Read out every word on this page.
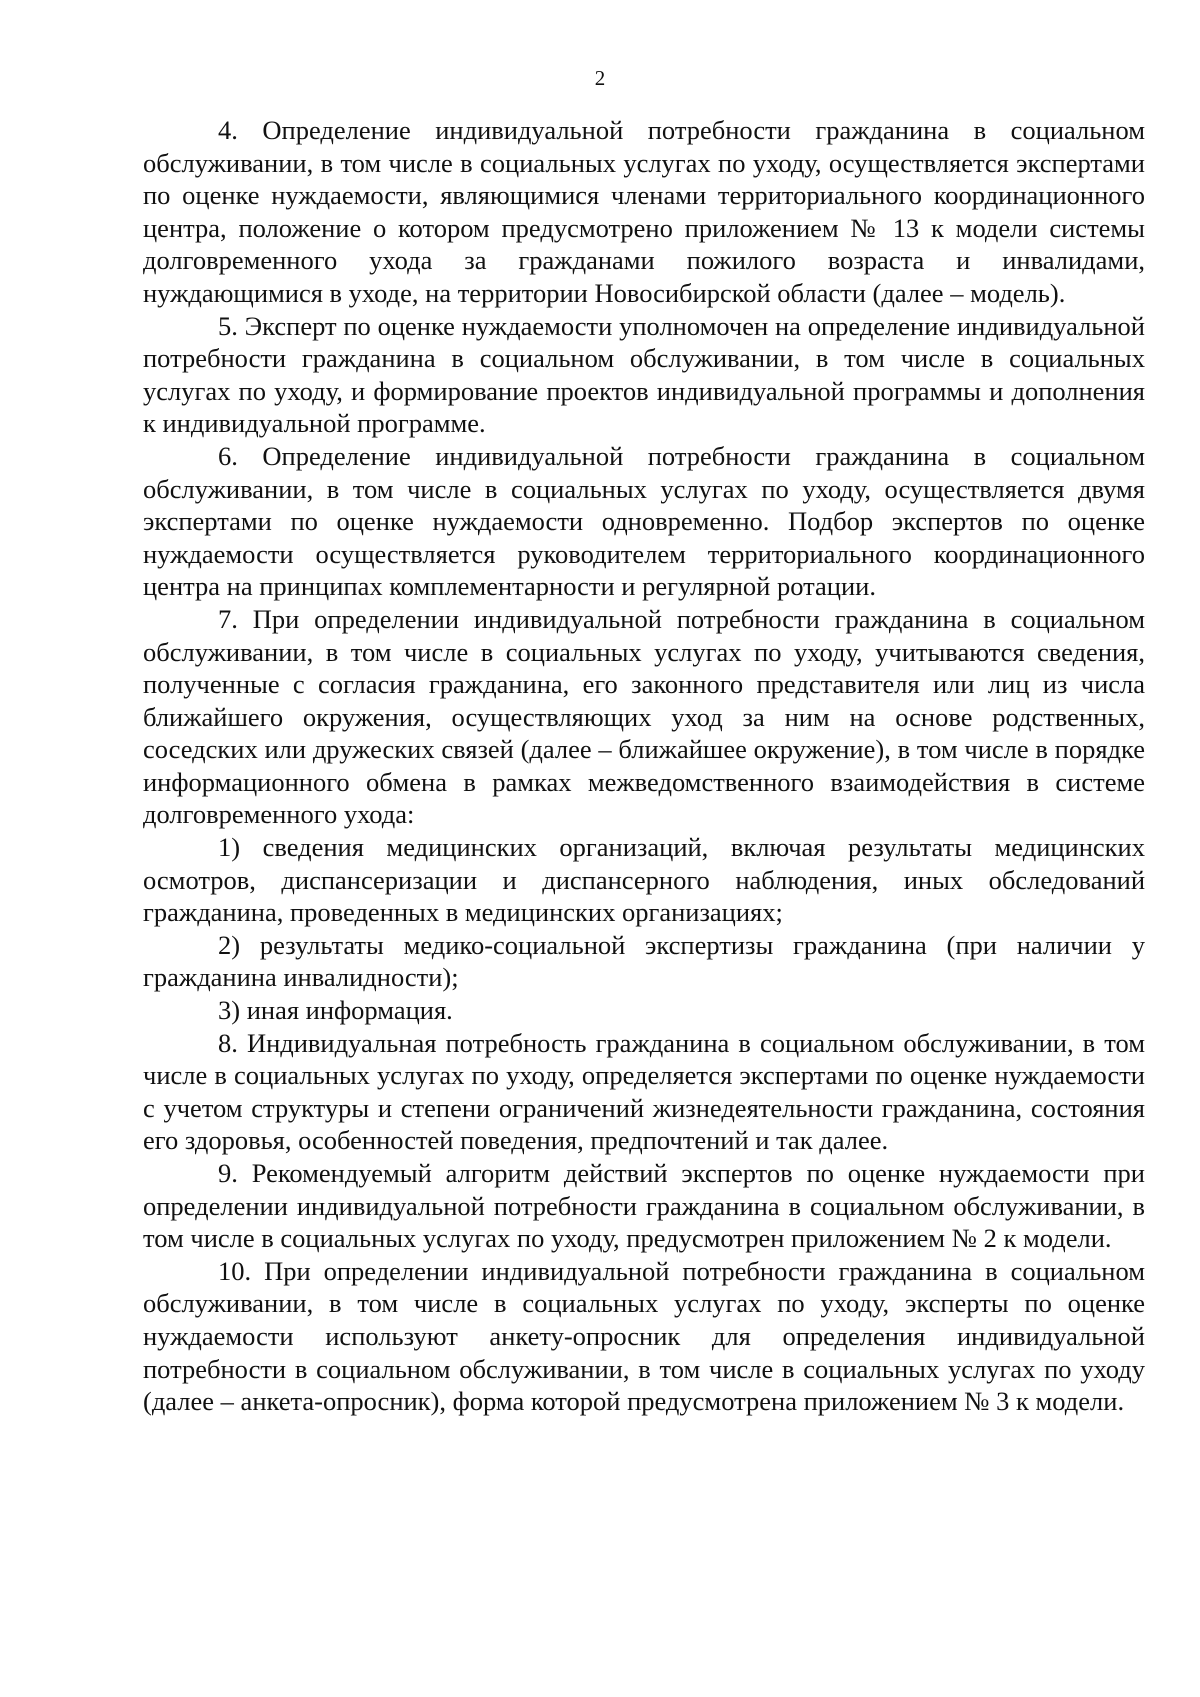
2

4. Определение индивидуальной потребности гражданина в социальном обслуживании, в том числе в социальных услугах по уходу, осуществляется экспертами по оценке нуждаемости, являющимися членами территориального координационного центра, положение о котором предусмотрено приложением № 13 к модели системы долговременного ухода за гражданами пожилого возраста и инвалидами, нуждающимися в уходе, на территории Новосибирской области (далее – модель).

5. Эксперт по оценке нуждаемости уполномочен на определение индивидуальной потребности гражданина в социальном обслуживании, в том числе в социальных услугах по уходу, и формирование проектов индивидуальной программы и дополнения к индивидуальной программе.

6. Определение индивидуальной потребности гражданина в социальном обслуживании, в том числе в социальных услугах по уходу, осуществляется двумя экспертами по оценке нуждаемости одновременно. Подбор экспертов по оценке нуждаемости осуществляется руководителем территориального координационного центра на принципах комплементарности и регулярной ротации.

7. При определении индивидуальной потребности гражданина в социальном обслуживании, в том числе в социальных услугах по уходу, учитываются сведения, полученные с согласия гражданина, его законного представителя или лиц из числа ближайшего окружения, осуществляющих уход за ним на основе родственных, соседских или дружеских связей (далее – ближайшее окружение), в том числе в порядке информационного обмена в рамках межведомственного взаимодействия в системе долговременного ухода:

1) сведения медицинских организаций, включая результаты медицинских осмотров, диспансеризации и диспансерного наблюдения, иных обследований гражданина, проведенных в медицинских организациях;

2) результаты медико-социальной экспертизы гражданина (при наличии у гражданина инвалидности);

3) иная информация.

8. Индивидуальная потребность гражданина в социальном обслуживании, в том числе в социальных услугах по уходу, определяется экспертами по оценке нуждаемости с учетом структуры и степени ограничений жизнедеятельности гражданина, состояния его здоровья, особенностей поведения, предпочтений и так далее.

9. Рекомендуемый алгоритм действий экспертов по оценке нуждаемости при определении индивидуальной потребности гражданина в социальном обслуживании, в том числе в социальных услугах по уходу, предусмотрен приложением № 2 к модели.

10. При определении индивидуальной потребности гражданина в социальном обслуживании, в том числе в социальных услугах по уходу, эксперты по оценке нуждаемости используют анкету-опросник для определения индивидуальной потребности в социальном обслуживании, в том числе в социальных услугах по уходу (далее – анкета-опросник), форма которой предусмотрена приложением № 3 к модели.
